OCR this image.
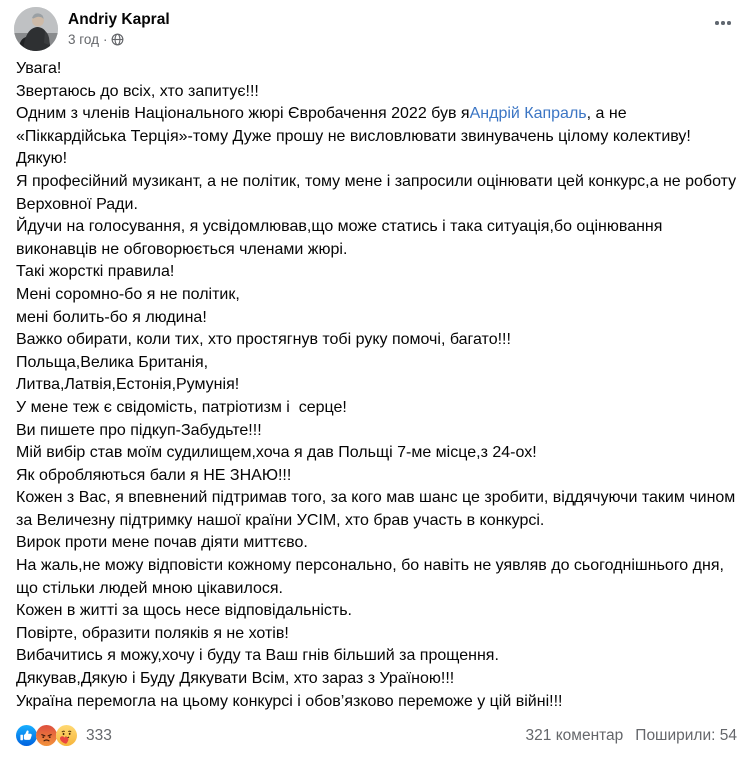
Andriy Kapral
3 год ·
Увага!
Звертаюсь до всіх, хто запитує!!!
Одним з членів Національного жюрі Євробачення 2022 був яАндрій Капраль, а не «Піккардійська Терція»-тому Дуже прошу не висловлювати звинувачень цілому колективу!
Дякую!
Я професійний музикант, а не політик, тому мене і запросили оцінювати цей конкурс,а не роботу Верховної Ради.
Йдучи на голосування, я усвідомлював,що може статись і така ситуація,бо оцінювання виконавців не обговорюється членами жюрі.
Такі жорсткі правила!
Мені соромно-бо я не політик,
мені болить-бо я людина!
Важко обирати, коли тих, хто простягнув тобі руку помочі, багато!!!
Польща,Велика Британія,
Литва,Латвія,Естонія,Румунія!
У мене теж є свідомість, патріотизм і  серце!
Ви пишете про підкуп-Забудьте!!!
Мій вибір став моїм судилищем,хоча я дав Польщі 7-ме місце,з 24-ох!
Як обробляються бали я НЕ ЗНАЮ!!!
Кожен з Вас, я впевнений підтримав того, за кого мав шанс це зробити, віддячуючи таким чином за Величезну підтримку нашої країни УСІМ, хто брав участь в конкурсі.
Вирок проти мене почав діяти миттєво.
На жаль,не можу відповісти кожному персонально, бо навіть не уявляв до сьогоднішнього дня, що стільки людей мною цікавилося.
Кожен в житті за щось несе відповідальність.
Повірте, образити поляків я не хотів!
Вибачитись я можу,хочу і буду та Ваш гнів більший за прощення.
Дякував,Дякую і Буду Дякувати Всім, хто зараз з Ураїною!!!
Україна перемогла на цьому конкурсі і обов’язково переможе у цій війні!!!
333	321 коментар Поширили: 54
